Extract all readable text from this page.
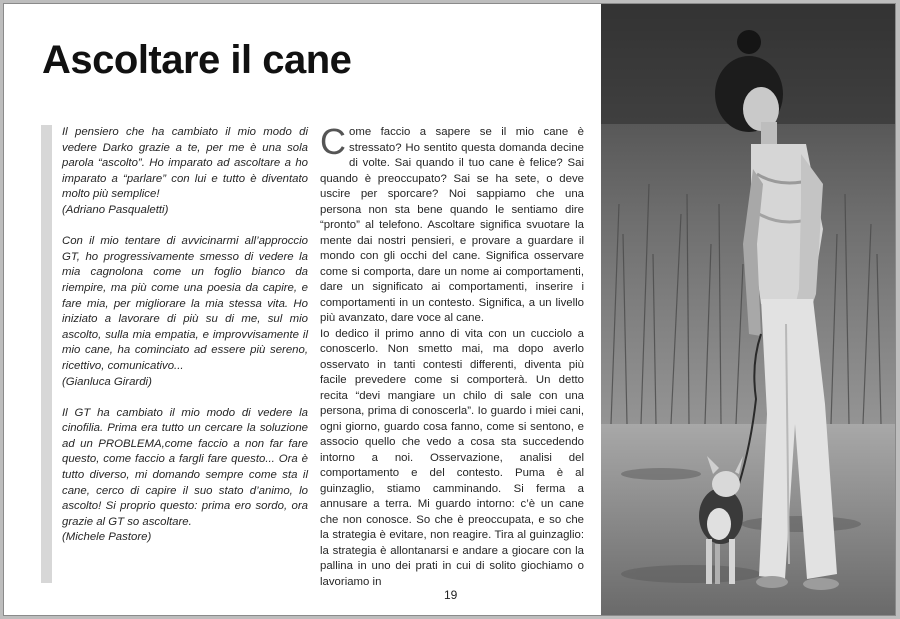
Ascoltare il cane

Il pensiero che ha cambiato il mio modo di vedere Darko grazie a te, per me è una sola parola “ascolto”. Ho imparato ad ascoltare a ho imparato a “parlare” con lui e tutto è diventato molto più semplice!
(Adriano Pasqualetti)

Con il mio tentare di avvicinarmi all’approccio GT, ho progressivamente smesso di vedere la mia cagnolona come un foglio bianco da riempire, ma più come una poesia da capire, e fare mia, per migliorare la mia stessa vita. Ho iniziato a lavorare di più su di me, sul mio ascolto, sulla mia empatia, e improvvisamente il mio cane, ha cominciato ad essere più sereno, ricettivo, comunicativo...
(Gianluca Girardi)

Il GT ha cambiato il mio modo di vedere la cinofilia. Prima era tutto un cercare la soluzione ad un PROBLEMA,come faccio a non far fare questo, come faccio a fargli fare questo... Ora è tutto diverso, mi domando sempre come sta il cane, cerco di capire il suo stato d’animo, lo ascolto! Si proprio questo: prima ero sordo, ora grazie al GT so ascoltare.
(Michele Pastore)

Come faccio a sapere se il mio cane è stressato? Ho sentito questa domanda decine di volte. Sai quando il tuo cane è felice? Sai quando è preoccupato? Sai se ha sete, o deve uscire per sporcare? Noi sappiamo che una persona non sta bene quando le sentiamo dire “pronto” al telefono. Ascoltare significa svuotare la mente dai nostri pensieri, e provare a guardare il mondo con gli occhi del cane. Significa osservare come si comporta, dare un nome ai comportamenti, dare un significato ai comportamenti, inserire i comportamenti in un contesto. Significa, a un livello più avanzato, dare voce al cane.

Io dedico il primo anno di vita con un cucciolo a conoscerlo. Non smetto mai, ma dopo averlo osservato in tanti contesti differenti, diventa più facile prevedere come si comporterà. Un detto recita “devi mangiare un chilo di sale con una persona, prima di conoscerla”. Io guardo i miei cani, ogni giorno, guardo cosa fanno, come si sentono, e associo quello che vedo a cosa sta succedendo intorno a noi. Osservazione, analisi del comportamento e del contesto. Puma è al guinzaglio, stiamo camminando. Si ferma a annusare a terra. Mi guardo intorno: c’è un cane che non conosce. So che è preoccupata, e so che la strategia è evitare, non reagire. Tira al guinzaglio: la strategia è allontanarsi e andare a giocare con la pallina in uno dei prati in cui di solito giochiamo o lavoriamo in

19
